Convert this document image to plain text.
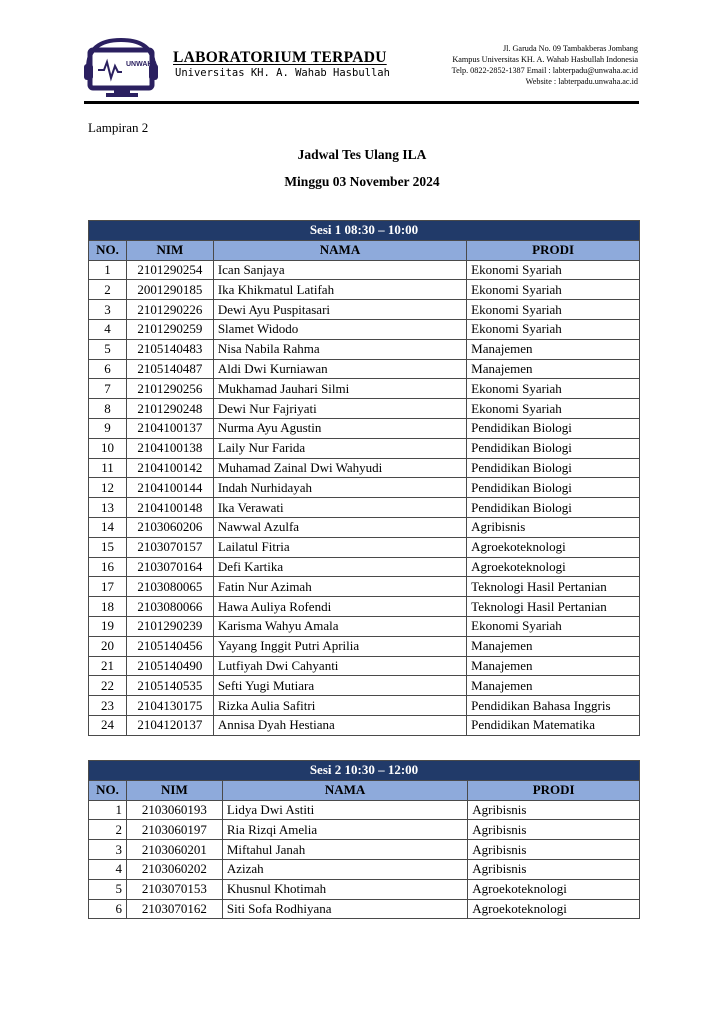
UNWAHA LABORATORIUM TERPADU
Universitas KH. A. Wahab Hasbullah
Jl. Garuda No. 09 Tambakberas Jombang
Kampus Universitas KH. A. Wahab Hasbullah Indonesia
Telp. 0822-2852-1387 Email : labterpadu@unwaha.ac.id
Website : labterpadu.unwaha.ac.id
Lampiran 2
Jadwal Tes Ulang ILA
Minggu 03 November 2024
Sesi 1 08:30 – 10:00			
NO.	NIM	NAMA	PRODI
1	2101290254	Ican Sanjaya	Ekonomi Syariah
2	2001290185	Ika Khikmatul Latifah	Ekonomi Syariah
3	2101290226	Dewi Ayu Puspitasari	Ekonomi Syariah
4	2101290259	Slamet Widodo	Ekonomi Syariah
5	2105140483	Nisa Nabila Rahma	Manajemen
6	2105140487	Aldi Dwi Kurniawan	Manajemen
7	2101290256	Mukhamad Jauhari Silmi	Ekonomi Syariah
8	2101290248	Dewi Nur Fajriyati	Ekonomi Syariah
9	2104100137	Nurma Ayu Agustin	Pendidikan Biologi
10	2104100138	Laily Nur Farida	Pendidikan Biologi
11	2104100142	Muhamad Zainal Dwi Wahyudi	Pendidikan Biologi
12	2104100144	Indah Nurhidayah	Pendidikan Biologi
13	2104100148	Ika Verawati	Pendidikan Biologi
14	2103060206	Nawwal Azulfa	Agribisnis
15	2103070157	Lailatul Fitria	Agroekoteknologi
16	2103070164	Defi Kartika	Agroekoteknologi
17	2103080065	Fatin Nur Azimah	Teknologi Hasil Pertanian
18	2103080066	Hawa Auliya Rofendi	Teknologi Hasil Pertanian
19	2101290239	Karisma Wahyu Amala	Ekonomi Syariah
20	2105140456	Yayang Inggit Putri Aprilia	Manajemen
21	2105140490	Lutfiyah Dwi Cahyanti	Manajemen
22	2105140535	Sefti Yugi Mutiara	Manajemen
23	2104130175	Rizka Aulia Safitri	Pendidikan Bahasa Inggris
24	2104120137	Annisa Dyah Hestiana	Pendidikan Matematika
Sesi 2 10:30 – 12:00			
NO.	NIM	NAMA	PRODI
1	2103060193	Lidya Dwi Astiti	Agribisnis
2	2103060197	Ria Rizqi Amelia	Agribisnis
3	2103060201	Miftahul Janah	Agribisnis
4	2103060202	Azizah	Agribisnis
5	2103070153	Khusnul Khotimah	Agroekoteknologi
6	2103070162	Siti Sofa Rodhiyana	Agroekoteknologi
